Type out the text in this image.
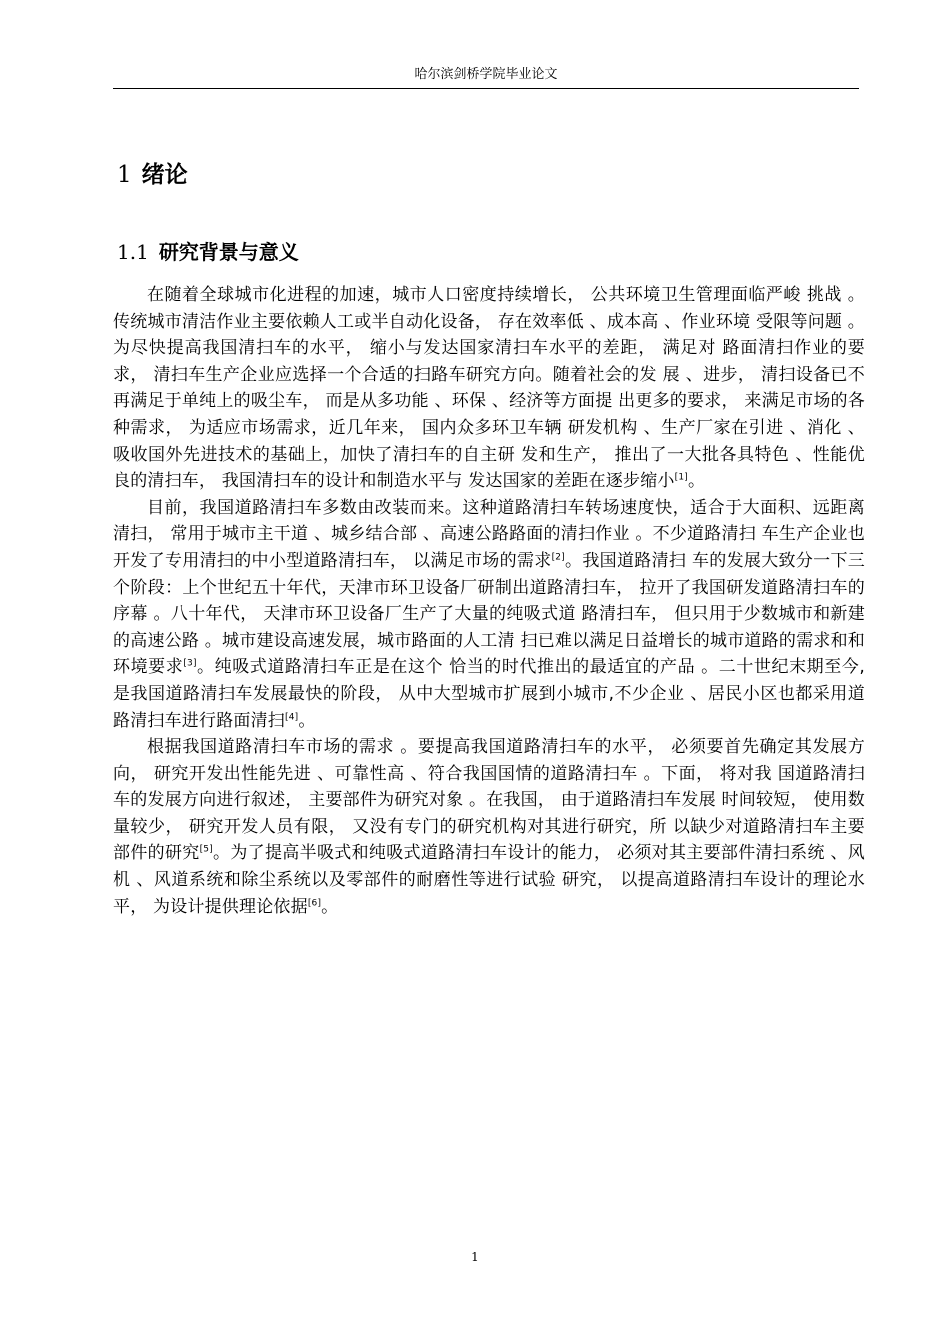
哈尔滨剑桥学院毕业论文
1 绪论
1.1 研究背景与意义

在随着全球城市化进程的加速，城市人口密度持续增长， 公共环境卫生管理面临严峻 挑战 。传统城市清洁作业主要依赖人工或半自动化设备， 存在效率低 、成本高 、作业环境 受限等问题 。为尽快提高我国清扫车的水平， 缩小与发达国家清扫车水平的差距， 满足对 路面清扫作业的要求， 清扫车生产企业应选择一个合适的扫路车研究方向。随着社会的发 展 、进步， 清扫设备已不再满足于单纯上的吸尘车， 而是从多功能 、环保 、经济等方面提 出更多的要求， 来满足市场的各种需求， 为适应市场需求，近几年来， 国内众多环卫车辆 研发机构 、生产厂家在引进 、消化 、吸收国外先进技术的基础上，加快了清扫车的自主研 发和生产， 推出了一大批各具特色 、性能优良的清扫车， 我国清扫车的设计和制造水平与 发达国家的差距在逐步缩小[1]。

目前，我国道路清扫车多数由改装而来。这种道路清扫车转场速度快，适合于大面积、远距离清扫， 常用于城市主干道 、城乡结合部 、高速公路路面的清扫作业 。不少道路清扫 车生产企业也开发了专用清扫的中小型道路清扫车， 以满足市场的需求[2]。我国道路清扫 车的发展大致分一下三个阶段：上个世纪五十年代，天津市环卫设备厂研制出道路清扫车， 拉开了我国研发道路清扫车的序幕 。八十年代， 天津市环卫设备厂生产了大量的纯吸式道 路清扫车， 但只用于少数城市和新建的高速公路 。城市建设高速发展，城市路面的人工清 扫已难以满足日益增长的城市道路的需求和和环境要求[3]。纯吸式道路清扫车正是在这个 恰当的时代推出的最适宜的产品 。二十世纪末期至今,是我国道路清扫车发展最快的阶段， 从中大型城市扩展到小城市,不少企业 、居民小区也都采用道路清扫车进行路面清扫[4]。

根据我国道路清扫车市场的需求 。要提高我国道路清扫车的水平， 必须要首先确定其发展方向， 研究开发出性能先进 、可靠性高 、符合我国国情的道路清扫车 。下面， 将对我 国道路清扫车的发展方向进行叙述， 主要部件为研究对象 。在我国， 由于道路清扫车发展 时间较短， 使用数量较少， 研究开发人员有限， 又没有专门的研究机构对其进行研究，所 以缺少对道路清扫车主要部件的研究[5]。为了提高半吸式和纯吸式道路清扫车设计的能力， 必须对其主要部件清扫系统 、风机 、风道系统和除尘系统以及零部件的耐磨性等进行试验 研究， 以提高道路清扫车设计的理论水平， 为设计提供理论依据[6]。

1
